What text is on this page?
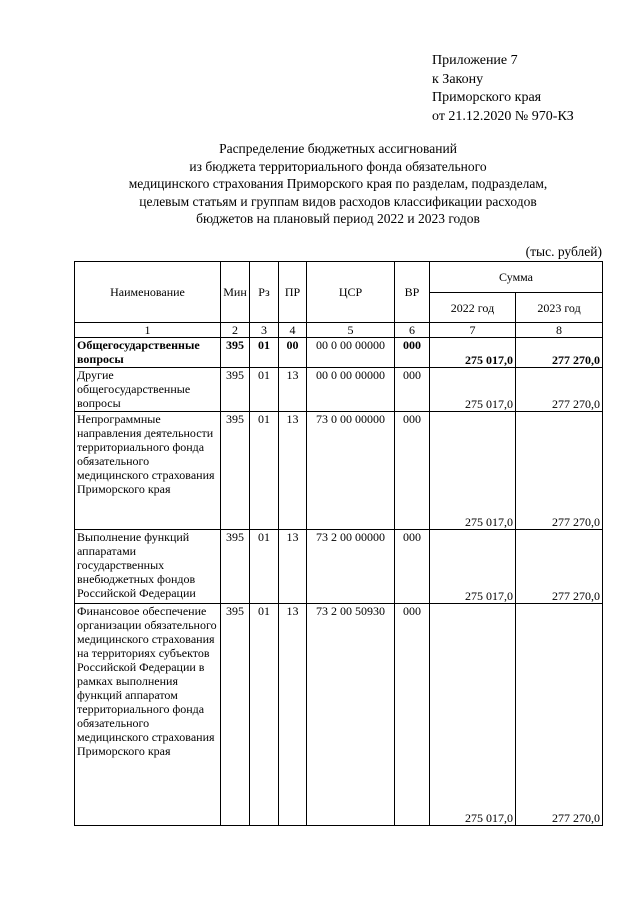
Приложение 7
к Закону
Приморского края
от 21.12.2020 № 970-КЗ
Распределение бюджетных ассигнований
из бюджета территориального фонда обязательного
медицинского страхования Приморского края по разделам, подразделам,
целевым статьям и группам видов расходов классификации расходов
бюджетов на плановый период 2022 и 2023 годов
(тыс. рублей)
Наименование	Мин	Рз	ПР	ЦСР	ВР	Сумма	
						2022 год	2023 год
1	2	3	4	5	6	7	8
Общегосударственные вопросы	395	01	00	00 0 00 00000	000	275 017,0	277 270,0
Другие общегосударственные вопросы	395	01	13	00 0 00 00000	000	275 017,0	277 270,0
Непрограммные направления деятельности территориального фонда обязательного медицинского страхования Приморского края	395	01	13	73 0 00 00000	000	275 017,0	277 270,0
Выполнение функций аппаратами государственных внебюджетных фондов Российской Федерации	395	01	13	73 2 00 00000	000	275 017,0	277 270,0
Финансовое обеспечение организации обязательного медицинского страхования на территориях субъектов Российской Федерации в рамках выполнения функций аппаратом территориального фонда обязательного медицинского страхования Приморского края	395	01	13	73 2 00 50930	000	275 017,0	277 270,0
